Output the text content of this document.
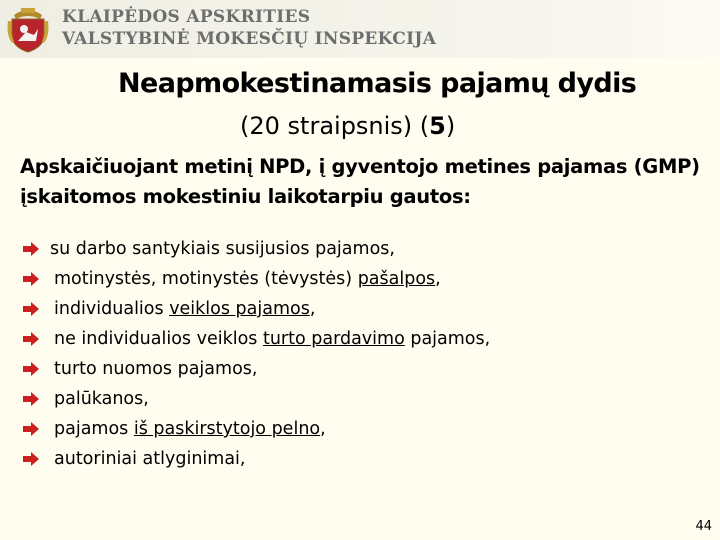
KLAIPĖDOS APSKRITIES
VALSTYBINĖ MOKESČIŲ INSPEKCIJA
Neapmokestinamasis pajamų dydis
(20 straipsnis) (5)
Apskaičiuojant metinį NPD, į gyventojo metines pajamas (GMP) įskaitomos mokestiniu laikotarpiu gautos:
su darbo santykiais susijusios pajamos,
motinystės, motinystės (tėvystės) pašalpos,
individualios veiklos pajamos,
ne individualios veiklos turto pardavimo pajamos,
turto nuomos pajamos,
palūkanos,
pajamos iš paskirstytojo pelno,
autoriniai atlyginimai,
44
